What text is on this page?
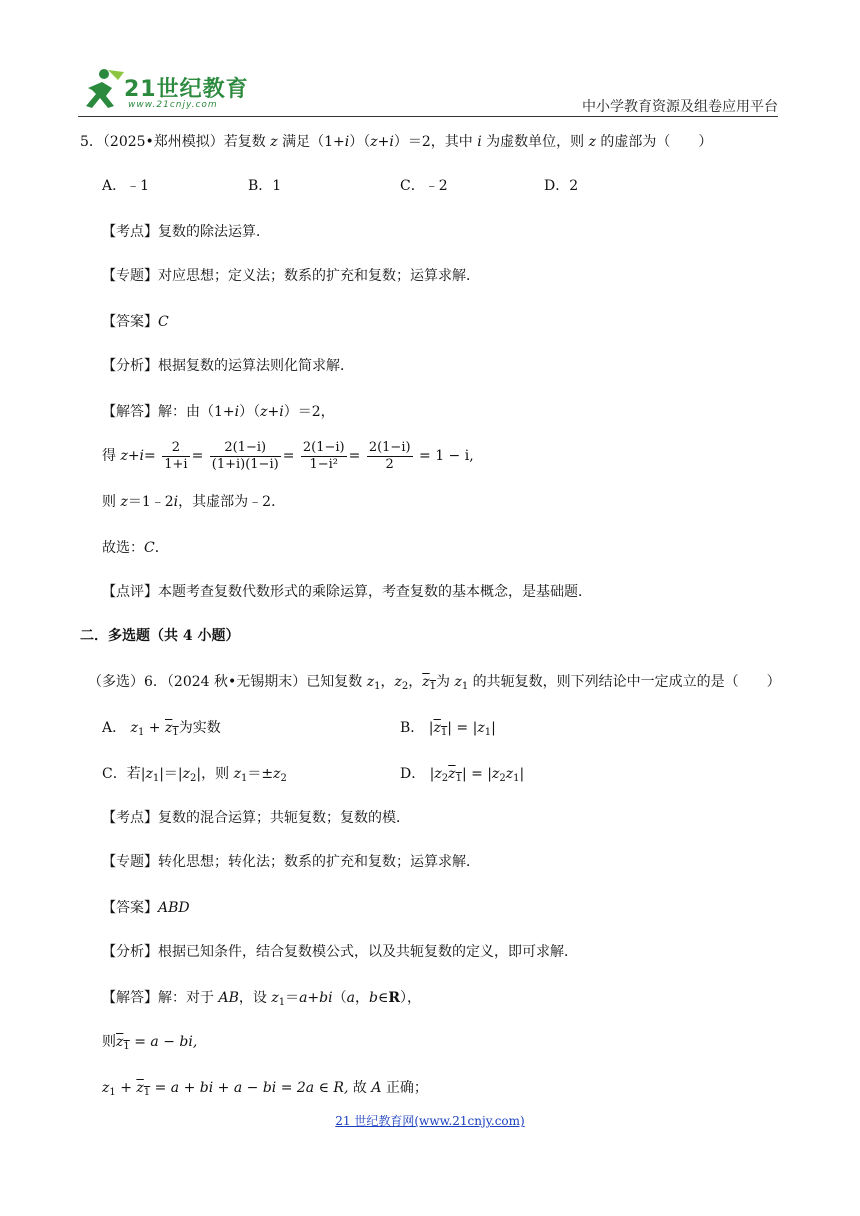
21世纪教育
www.21cnjy.com	中小学教育资源及组卷应用平台
5．（2025•郑州模拟）若复数 z 满足（1+i）（z+i）＝2，其中 i 为虚数单位，则 z 的虚部为（　　）
A．﹣1	B．1	C．﹣2	D．2
【考点】复数的除法运算．
【专题】对应思想；定义法；数系的扩充和复数；运算求解．
【答案】C
【分析】根据复数的运算法则化简求解．
【解答】解：由（1+i）（z+i）＝2，
得 $z+i= \frac{2}{1+i} = \frac{2(1-i)}{(1+i)(1-i)} = \frac{2(1-i)}{\text{1−i²}} = \frac{2(1-i)}{2} = 1 - i$,
则 z＝1﹣2i，其虚部为﹣2．
故选：C．
【点评】本题考查复数代数形式的乘除运算，考查复数的基本概念，是基础题．
二．多选题（共 4 小题）
（多选）6．（2024 秋•无锡期末）已知复数 $z_1$，$z_2$，$\overline{z}_1$为 $z_1$ 的共轭复数，则下列结论中一定成立的是（　　）
A． $z_1 + \overline{z}_1$为实数	B． $|\overline{z}_1| = |z_1|$
C．若$|z_1|=|z_2|$，则 $z_1=\pm z_2$	D． $|z_2\overline{z}_1| = |z_2z_1|$
【考点】复数的混合运算；共轭复数；复数的模．
【专题】转化思想；转化法；数系的扩充和复数；运算求解．
【答案】ABD
【分析】根据已知条件，结合复数模公式，以及共轭复数的定义，即可求解．
【解答】解：对于 AB，设 $z_1=a+bi(a$，b∈R），
则$\overline{z}_1 = a$ − bi,
$z_1 + \overline{z}_1 = a$ + bi + a − bi = 2a ∈ R, 故 A 正确；
21 世纪教育网(www.21cnjy.com)
